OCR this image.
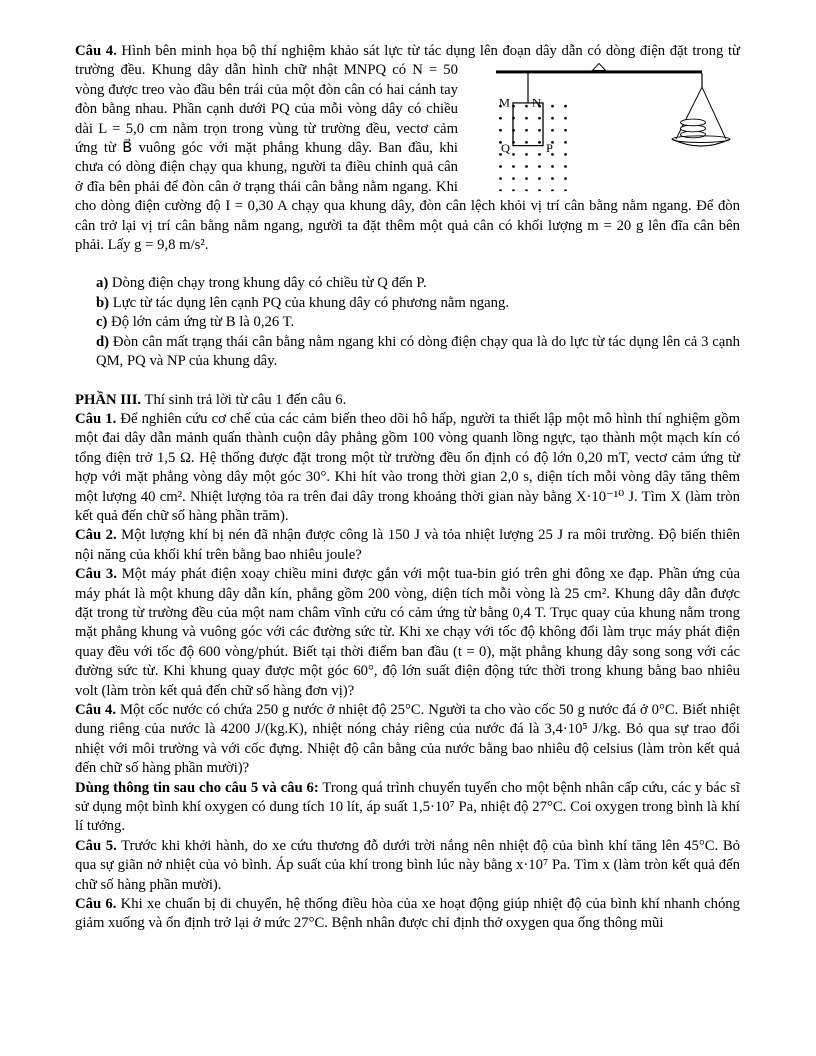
Câu 4. Hình bên minh họa bộ thí nghiệm khảo sát lực từ tác dụng lên đoạn dây dẫn có dòng điện đặt trong từ
M N
Q	P
trường đều. Khung dây dẫn hình chữ nhật MNPQ có N = 50 vòng được treo vào đầu bên trái của một đòn cân có hai cánh tay đòn bằng nhau. Phần cạnh dưới PQ của mỗi vòng dây có chiều dài L = 5,0 cm nằm trọn trong vùng từ trường đều, vectơ cảm ứng từ B⃗ vuông góc với mặt phẳng khung dây. Ban đầu, khi chưa có dòng điện chạy qua khung, người ta điều chỉnh quả cân ở đĩa bên phải để đòn cân ở trạng thái cân bằng nằm ngang. Khi cho dòng điện cường độ I = 0,30 A chạy qua khung dây, đòn cân lệch khỏi vị trí cân bằng nằm ngang. Để đòn cân trở lại vị trí cân bằng nằm ngang, người ta đặt thêm một quả cân có khối lượng m = 20 g lên đĩa cân bên phải. Lấy g = 9,8 m/s².

a) Dòng điện chạy trong khung dây có chiều từ Q đến P.

b) Lực từ tác dụng lên cạnh PQ của khung dây có phương nằm ngang.

c) Độ lớn cảm ứng từ B là 0,26 T.

d) Đòn cân mất trạng thái cân bằng nằm ngang khi có dòng điện chạy qua là do lực từ tác dụng lên cả 3 cạnh QM, PQ và NP của khung dây.

PHẦN III. Thí sinh trả lời từ câu 1 đến câu 6.

Câu 1. Để nghiên cứu cơ chế của các cảm biến theo dõi hô hấp, người ta thiết lập một mô hình thí nghiệm gồm một đai dây dẫn mảnh quấn thành cuộn dây phẳng gồm 100 vòng quanh lồng ngực, tạo thành một mạch kín có tổng điện trở 1,5 Ω. Hệ thống được đặt trong một từ trường đều ổn định có độ lớn 0,20 mT, vectơ cảm ứng từ hợp với mặt phẳng vòng dây một góc 30°. Khi hít vào trong thời gian 2,0 s, diện tích mỗi vòng dây tăng thêm một lượng 40 cm². Nhiệt lượng tỏa ra trên đai dây trong khoảng thời gian này bằng X·10⁻¹⁰ J. Tìm X (làm tròn kết quả đến chữ số hàng phần trăm).

Câu 2. Một lượng khí bị nén đã nhận được công là 150 J và tỏa nhiệt lượng 25 J ra môi trường. Độ biến thiên nội năng của khối khí trên bằng bao nhiêu joule?

Câu 3. Một máy phát điện xoay chiều mini được gắn với một tua-bin gió trên ghi đông xe đạp. Phần ứng của máy phát là một khung dây dẫn kín, phẳng gồm 200 vòng, diện tích mỗi vòng là 25 cm². Khung dây dẫn được đặt trong từ trường đều của một nam châm vĩnh cửu có cảm ứng từ bằng 0,4 T. Trục quay của khung nằm trong mặt phẳng khung và vuông góc với các đường sức từ. Khi xe chạy với tốc độ không đổi làm trục máy phát điện quay đều với tốc độ 600 vòng/phút. Biết tại thời điểm ban đầu (t = 0), mặt phẳng khung dây song song với các đường sức từ. Khi khung quay được một góc 60°, độ lớn suất điện động tức thời trong khung bằng bao nhiêu volt (làm tròn kết quả đến chữ số hàng đơn vị)?

Câu 4. Một cốc nước có chứa 250 g nước ở nhiệt độ 25°C. Người ta cho vào cốc 50 g nước đá ở 0°C. Biết nhiệt dung riêng của nước là 4200 J/(kg.K), nhiệt nóng chảy riêng của nước đá là 3,4·10⁵ J/kg. Bỏ qua sự trao đổi nhiệt với môi trường và với cốc đựng. Nhiệt độ cân bằng của nước bằng bao nhiêu độ celsius (làm tròn kết quả đến chữ số hàng phần mười)?

Dùng thông tin sau cho câu 5 và câu 6: Trong quá trình chuyển tuyến cho một bệnh nhân cấp cứu, các y bác sĩ sử dụng một bình khí oxygen có dung tích 10 lít, áp suất 1,5·10⁷ Pa, nhiệt độ 27°C. Coi oxygen trong bình là khí lí tưởng.

Câu 5. Trước khi khởi hành, do xe cứu thương đỗ dưới trời nắng nên nhiệt độ của bình khí tăng lên 45°C. Bỏ qua sự giãn nở nhiệt của vỏ bình. Áp suất của khí trong bình lúc này bằng x·10⁷ Pa. Tìm x (làm tròn kết quả đến chữ số hàng phần mười).

Câu 6. Khi xe chuẩn bị di chuyển, hệ thống điều hòa của xe hoạt động giúp nhiệt độ của bình khí nhanh chóng giảm xuống và ổn định trở lại ở mức 27°C. Bệnh nhân được chỉ định thở oxygen qua ống thông mũi
